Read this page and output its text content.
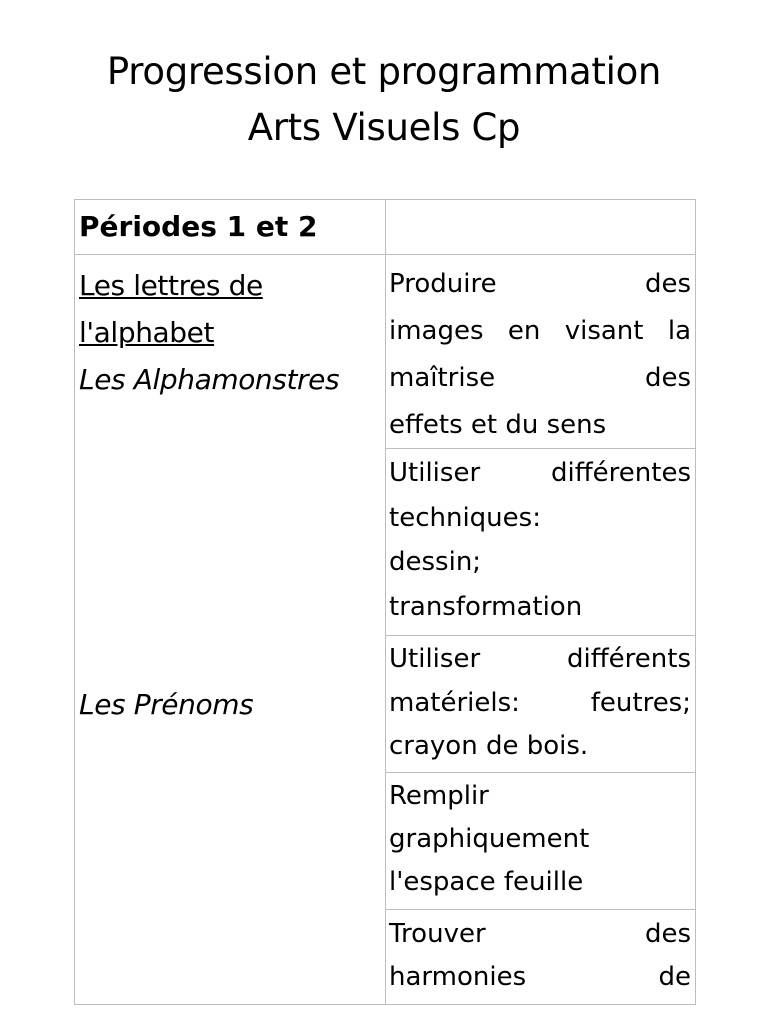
Progression et programmation
Arts Visuels Cp
Périodes 1 et 2
Les lettres de
l'alphabet
Les Alphamonstres
Les Prénoms
Produire des
images en visant la
maîtrise des
effets et du sens
Utiliser différentes
techniques:
dessin;
transformation
Utiliser différents
matériels: feutres;
crayon de bois.
Remplir
graphiquement
l'espace feuille
Trouver des
harmonies de
